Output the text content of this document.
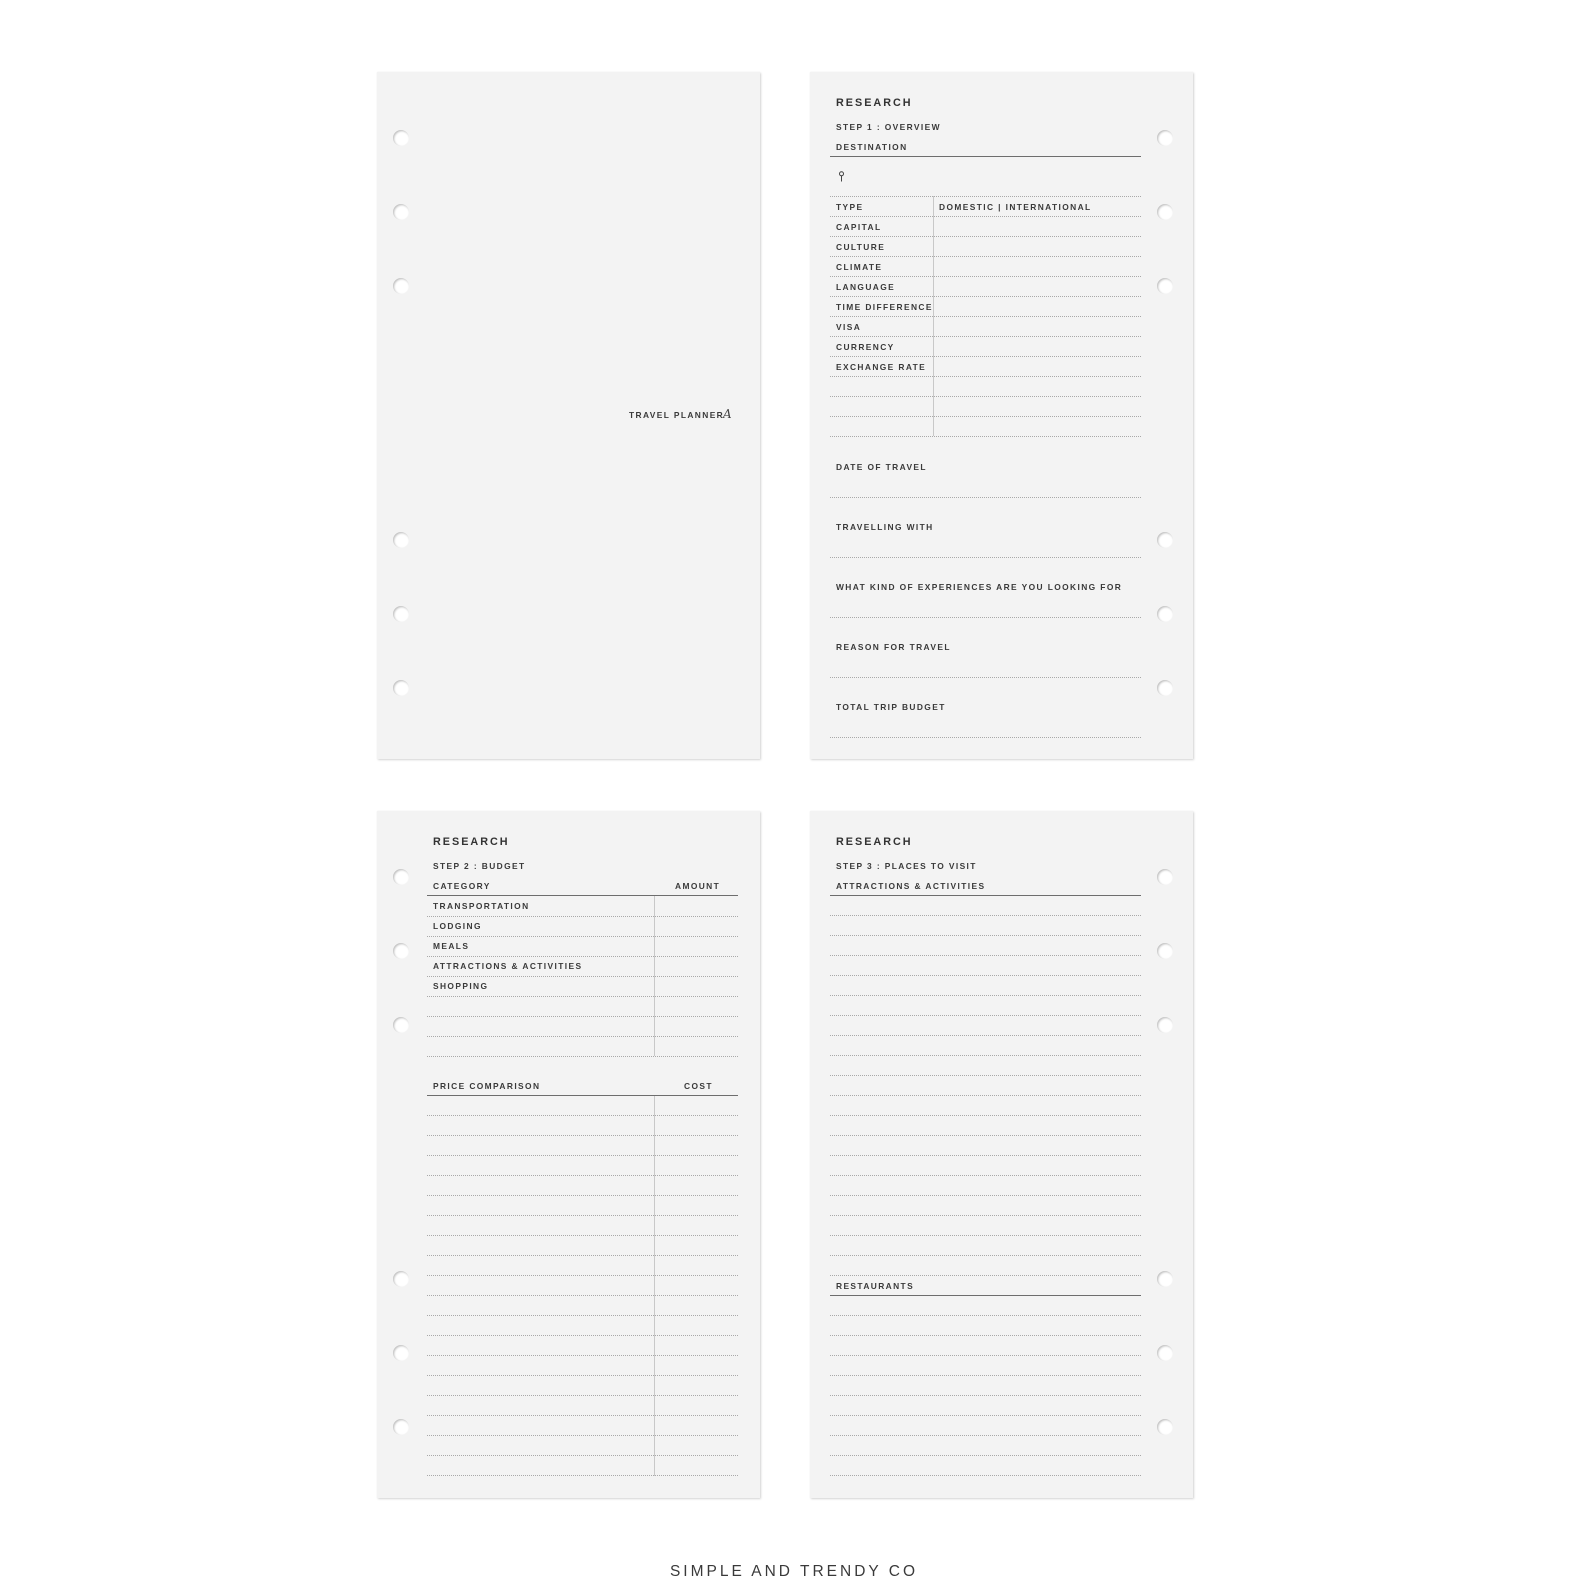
TRAVEL PLANNER
A
RESEARCH
STEP 1 : OVERVIEW
DESTINATION
TYPE	DOMESTIC | INTERNATIONAL
CAPITAL
CULTURE
CLIMATE
LANGUAGE
TIME DIFFERENCE
VISA
CURRENCY
EXCHANGE RATE
DATE OF TRAVEL
TRAVELLING WITH
WHAT KIND OF EXPERIENCES ARE YOU LOOKING FOR
REASON FOR TRAVEL
TOTAL TRIP BUDGET
RESEARCH
STEP 2 : BUDGET
CATEGORY	AMOUNT
TRANSPORTATION
LODGING
MEALS
ATTRACTIONS & ACTIVITIES
SHOPPING
PRICE COMPARISON	COST
RESEARCH
STEP 3 : PLACES TO VISIT
ATTRACTIONS & ACTIVITIES
RESTAURANTS
SIMPLE AND TRENDY CO
